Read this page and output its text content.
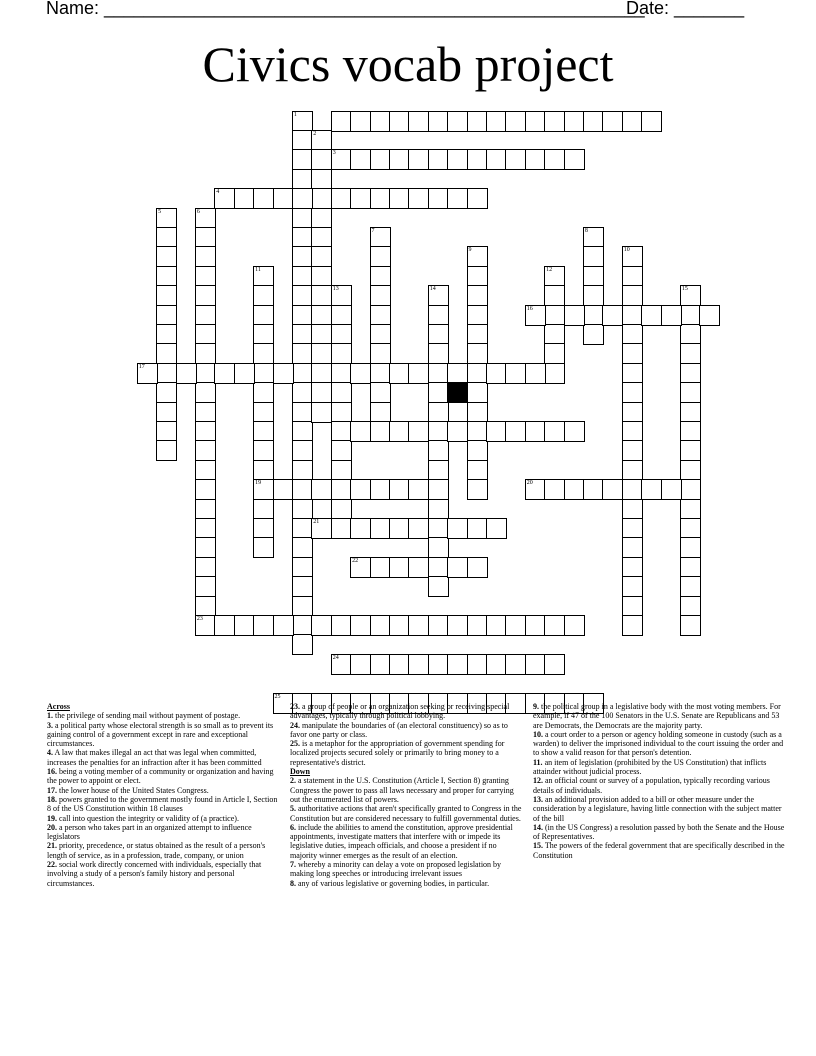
Name: ______________________________________________________
Date: _______
Civics vocab project
1
2
3
4
5	6
23
7	8
9	10
11
19
12
13	14	15
16
17
20
21
22
24
25
Across
1. the privilege of sending mail without payment of postage.
3. a political party whose electoral strength is so small as to prevent its gaining control of a government except in rare and exceptional circumstances.
4. A law that makes illegal an act that was legal when committed, increases the penalties for an infraction after it has been committed
16. being a voting member of a community or organization and having the power to appoint or elect.
17. the lower house of the United States Congress.
18. powers granted to the government mostly found in Article I, Section 8 of the US Constitution within 18 clauses
19. call into question the integrity or validity of (a practice).
20. a person who takes part in an organized attempt to influence legislators
21. priority, precedence, or status obtained as the result of a person's length of service, as in a profession, trade, company, or union
22. social work directly concerned with individuals, especially that involving a study of a person's family history and personal circumstances.
23. a group of people or an organization seeking or receiving special advantages, typically through political lobbying.
24. manipulate the boundaries of (an electoral constituency) so as to favor one party or class.
25. is a metaphor for the appropriation of government spending for localized projects secured solely or primarily to bring money to a representative's district.
Down
2. a statement in the U.S. Constitution (Article I, Section 8) granting Congress the power to pass all laws necessary and proper for carrying out the enumerated list of powers.
5. authoritative actions that aren't specifically granted to Congress in the Constitution but are considered necessary to fulfill governmental duties.
6. include the abilities to amend the constitution, approve presidential appointments, investigate matters that interfere with or impede its legislative duties, impeach officials, and choose a president if no majority winner emerges as the result of an election.
7. whereby a minority can delay a vote on proposed legislation by making long speeches or introducing irrelevant issues
8. any of various legislative or governing bodies, in particular.
9. the political group in a legislative body with the most voting members. For example, if 47 of the 100 Senators in the U.S. Senate are Republicans and 53 are Democrats, the Democrats are the majority party.
10. a court order to a person or agency holding someone in custody (such as a warden) to deliver the imprisoned individual to the court issuing the order and to show a valid reason for that person's detention.
11. an item of legislation (prohibited by the US Constitution) that inflicts attainder without judicial process.
12. an official count or survey of a population, typically recording various details of individuals.
13. an additional provision added to a bill or other measure under the consideration by a legislature, having little connection with the subject matter of the bill
14. (in the US Congress) a resolution passed by both the Senate and the House of Representatives.
15. The powers of the federal government that are specifically described in the Constitution
